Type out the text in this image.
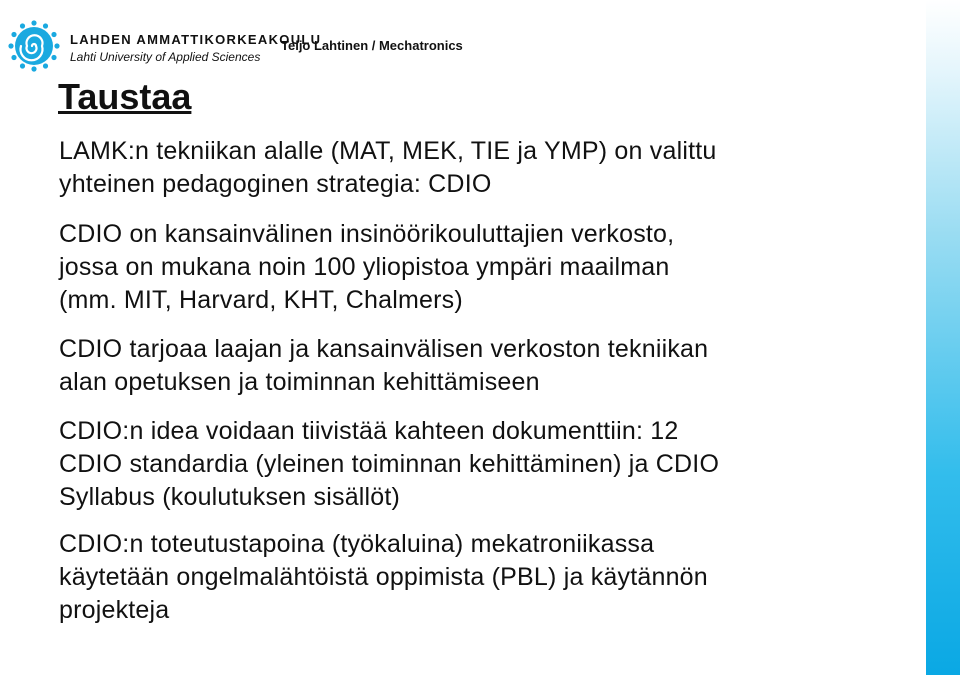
LAHDEN AMMATTIKORKEAKOULU
Lahti University of Applied Sciences
Teijo Lahtinen / Mechatronics
Taustaa
LAMK:n tekniikan alalle (MAT, MEK, TIE ja YMP) on valittu
yhteinen pedagoginen strategia: CDIO
CDIO on kansainvälinen insinöörikouluttajien verkosto,
jossa on mukana noin 100 yliopistoa ympäri maailman
(mm. MIT, Harvard, KHT, Chalmers)
CDIO tarjoaa laajan ja kansainvälisen verkoston tekniikan
alan opetuksen ja toiminnan kehittämiseen
CDIO:n idea voidaan tiivistää kahteen dokumenttiin: 12
CDIO standardia (yleinen toiminnan kehittäminen) ja CDIO
Syllabus (koulutuksen sisällöt)
CDIO:n toteutustapoina (työkaluina) mekatroniikassa
käytetään ongelmalähtöistä oppimista (PBL) ja käytännön
projekteja
